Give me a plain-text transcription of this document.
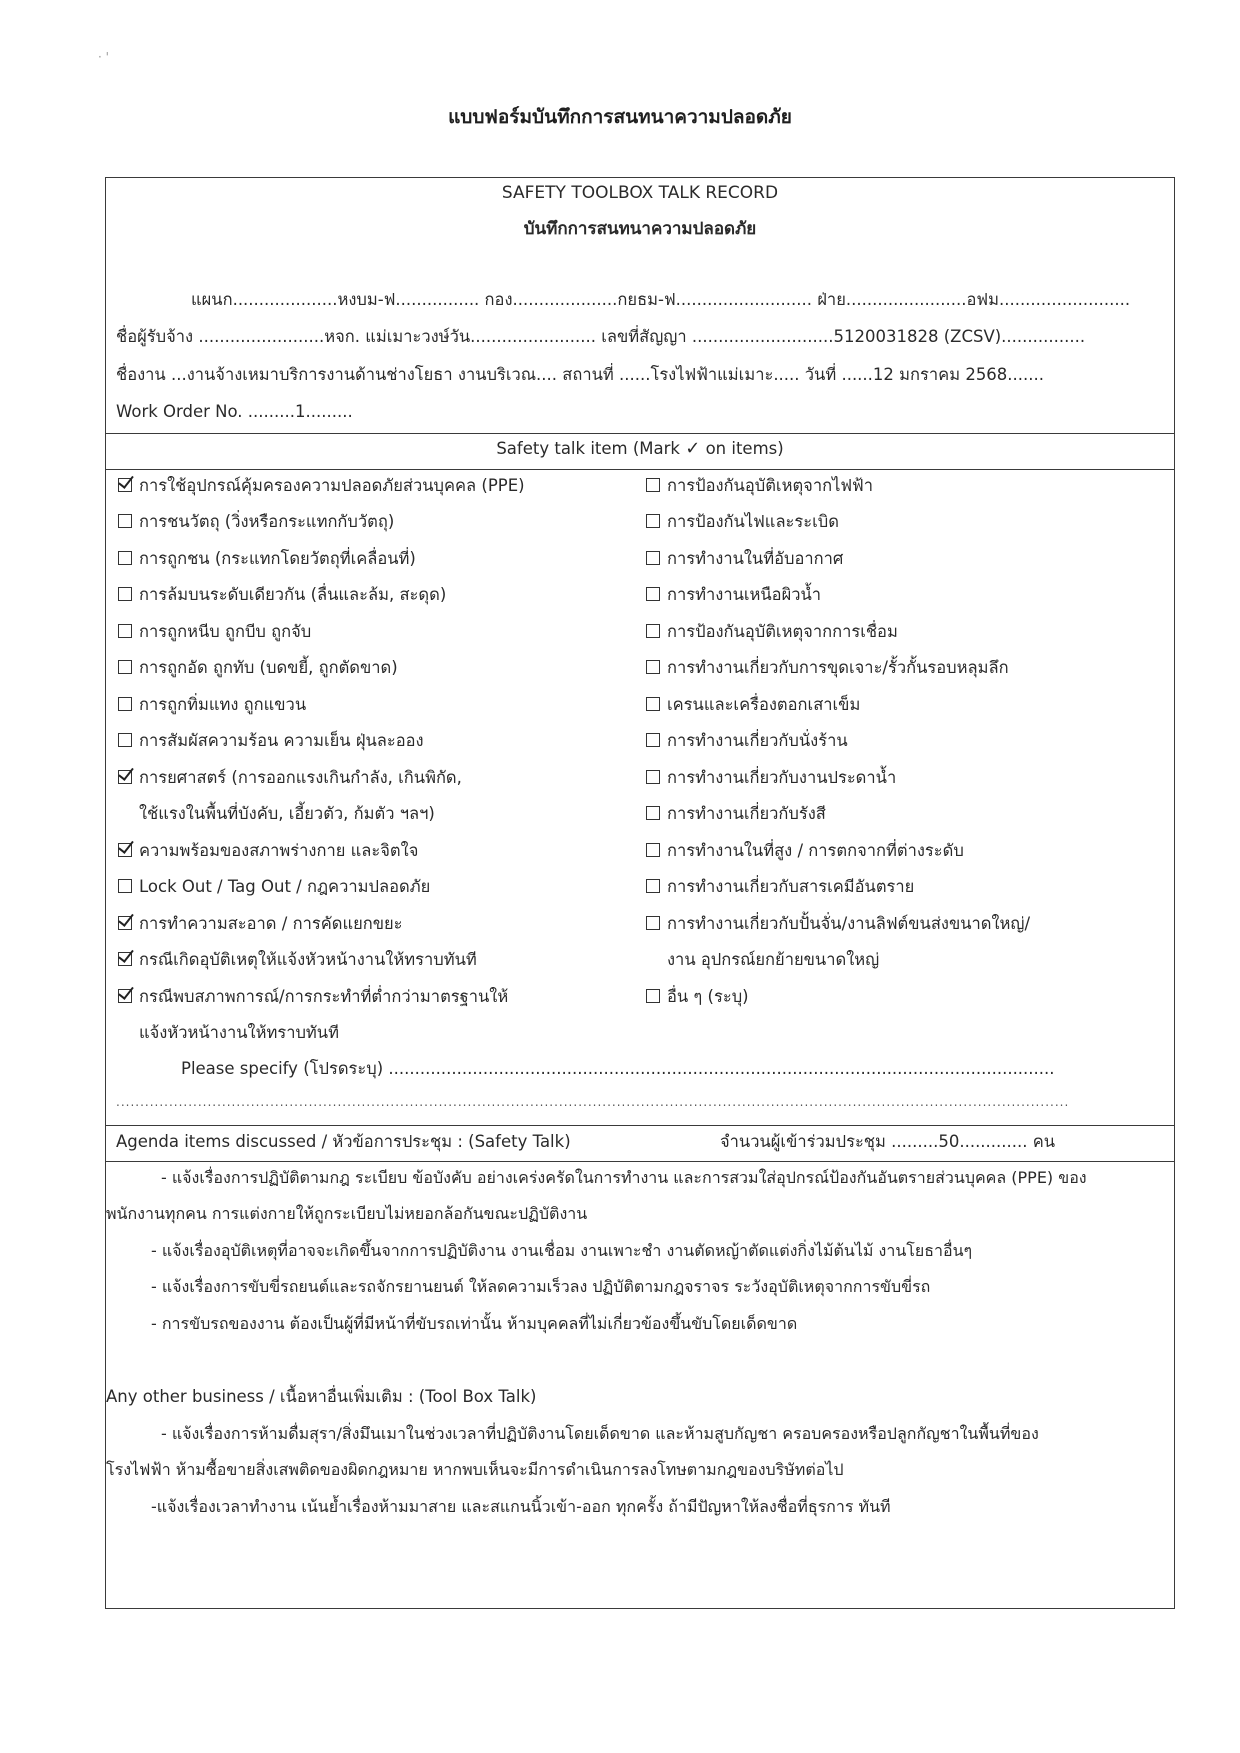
· '
แบบฟอร์มบันทึกการสนทนาความปลอดภัย
SAFETY TOOLBOX TALK RECORD
บันทึกการสนทนาความปลอดภัย
แผนก....................หงบม-ฟ................ กอง....................กยธม-ฟ.......................... ฝ่าย.......................อฟม.........................
ชื่อผู้รับจ้าง ........................หจก. แม่เมาะวงษ์วัน........................ เลขที่สัญญา ...........................5120031828 (ZCSV)................
ชื่องาน ...งานจ้างเหมาบริการงานด้านช่างโยธา งานบริเวณ.... สถานที่ ......โรงไฟฟ้าแม่เมาะ..... วันที่ ......12 มกราคม 2568.......
Work Order No. .........1.........
Safety talk item (Mark ✓ on items)
การใช้อุปกรณ์คุ้มครองความปลอดภัยส่วนบุคคล (PPE)
การชนวัตถุ (วิ่งหรือกระแทกกับวัตถุ)
การถูกชน (กระแทกโดยวัตถุที่เคลื่อนที่)
การล้มบนระดับเดียวกัน (ลื่นและล้ม, สะดุด)
การถูกหนีบ ถูกบีบ ถูกจับ
การถูกอัด ถูกทับ (บดขยี้, ถูกตัดขาด)
การถูกทิ่มแทง ถูกแขวน
การสัมผัสความร้อน ความเย็น ฝุ่นละออง
การยศาสตร์ (การออกแรงเกินกำลัง, เกินพิกัด,
ใช้แรงในพื้นที่บังคับ, เอี้ยวตัว, ก้มตัว ฯลฯ)
ความพร้อมของสภาพร่างกาย และจิตใจ
Lock Out / Tag Out / กฎความปลอดภัย
การทำความสะอาด / การคัดแยกขยะ
กรณีเกิดอุบัติเหตุให้แจ้งหัวหน้างานให้ทราบทันที
กรณีพบสภาพการณ์/การกระทำที่ต่ำกว่ามาตรฐานให้
แจ้งหัวหน้างานให้ทราบทันที
การป้องกันอุบัติเหตุจากไฟฟ้า
การป้องกันไฟและระเบิด
การทำงานในที่อับอากาศ
การทำงานเหนือผิวน้ำ
การป้องกันอุบัติเหตุจากการเชื่อม
การทำงานเกี่ยวกับการขุดเจาะ/รั้วกั้นรอบหลุมลึก
เครนและเครื่องตอกเสาเข็ม
การทำงานเกี่ยวกับนั่งร้าน
การทำงานเกี่ยวกับงานประดาน้ำ
การทำงานเกี่ยวกับรังสี
การทำงานในที่สูง / การตกจากที่ต่างระดับ
การทำงานเกี่ยวกับสารเคมีอันตราย
การทำงานเกี่ยวกับปั้นจั่น/งานลิฟต์ขนส่งขนาดใหญ่/
งาน อุปกรณ์ยกย้ายขนาดใหญ่
อื่น ๆ (ระบุ)
Please specify (โปรดระบุ) ...............................................................................................................................
......................................................................................................................................................................................................
Agenda items discussed / หัวข้อการประชุม : (Safety Talk)	จำนวนผู้เข้าร่วมประชุม .........50............. คน
- แจ้งเรื่องการปฏิบัติตามกฎ ระเบียบ ข้อบังคับ อย่างเคร่งครัดในการทำงาน และการสวมใส่อุปกรณ์ป้องกันอันตรายส่วนบุคคล (PPE) ของ
พนักงานทุกคน การแต่งกายให้ถูกระเบียบไม่หยอกล้อกันขณะปฏิบัติงาน
- แจ้งเรื่องอุบัติเหตุที่อาจจะเกิดขึ้นจากการปฏิบัติงาน งานเชื่อม งานเพาะชำ งานตัดหญ้าตัดแต่งกิ่งไม้ต้นไม้ งานโยธาอื่นๆ
- แจ้งเรื่องการขับขี่รถยนต์และรถจักรยานยนต์ ให้ลดความเร็วลง ปฏิบัติตามกฎจราจร ระวังอุบัติเหตุจากการขับขี่รถ
- การขับรถของงาน ต้องเป็นผู้ที่มีหน้าที่ขับรถเท่านั้น ห้ามบุคคลที่ไม่เกี่ยวข้องขึ้นขับโดยเด็ดขาด
Any other business / เนื้อหาอื่นเพิ่มเติม : (Tool Box Talk)
- แจ้งเรื่องการห้ามดื่มสุรา/สิ่งมึนเมาในช่วงเวลาที่ปฏิบัติงานโดยเด็ดขาด และห้ามสูบกัญชา ครอบครองหรือปลูกกัญชาในพื้นที่ของ
โรงไฟฟ้า ห้ามซื้อขายสิ่งเสพติดของผิดกฎหมาย หากพบเห็นจะมีการดำเนินการลงโทษตามกฎของบริษัทต่อไป
-แจ้งเรื่องเวลาทำงาน เน้นย้ำเรื่องห้ามมาสาย และสแกนนิ้วเข้า-ออก ทุกครั้ง ถ้ามีปัญหาให้ลงชื่อที่ธุรการ ทันที
